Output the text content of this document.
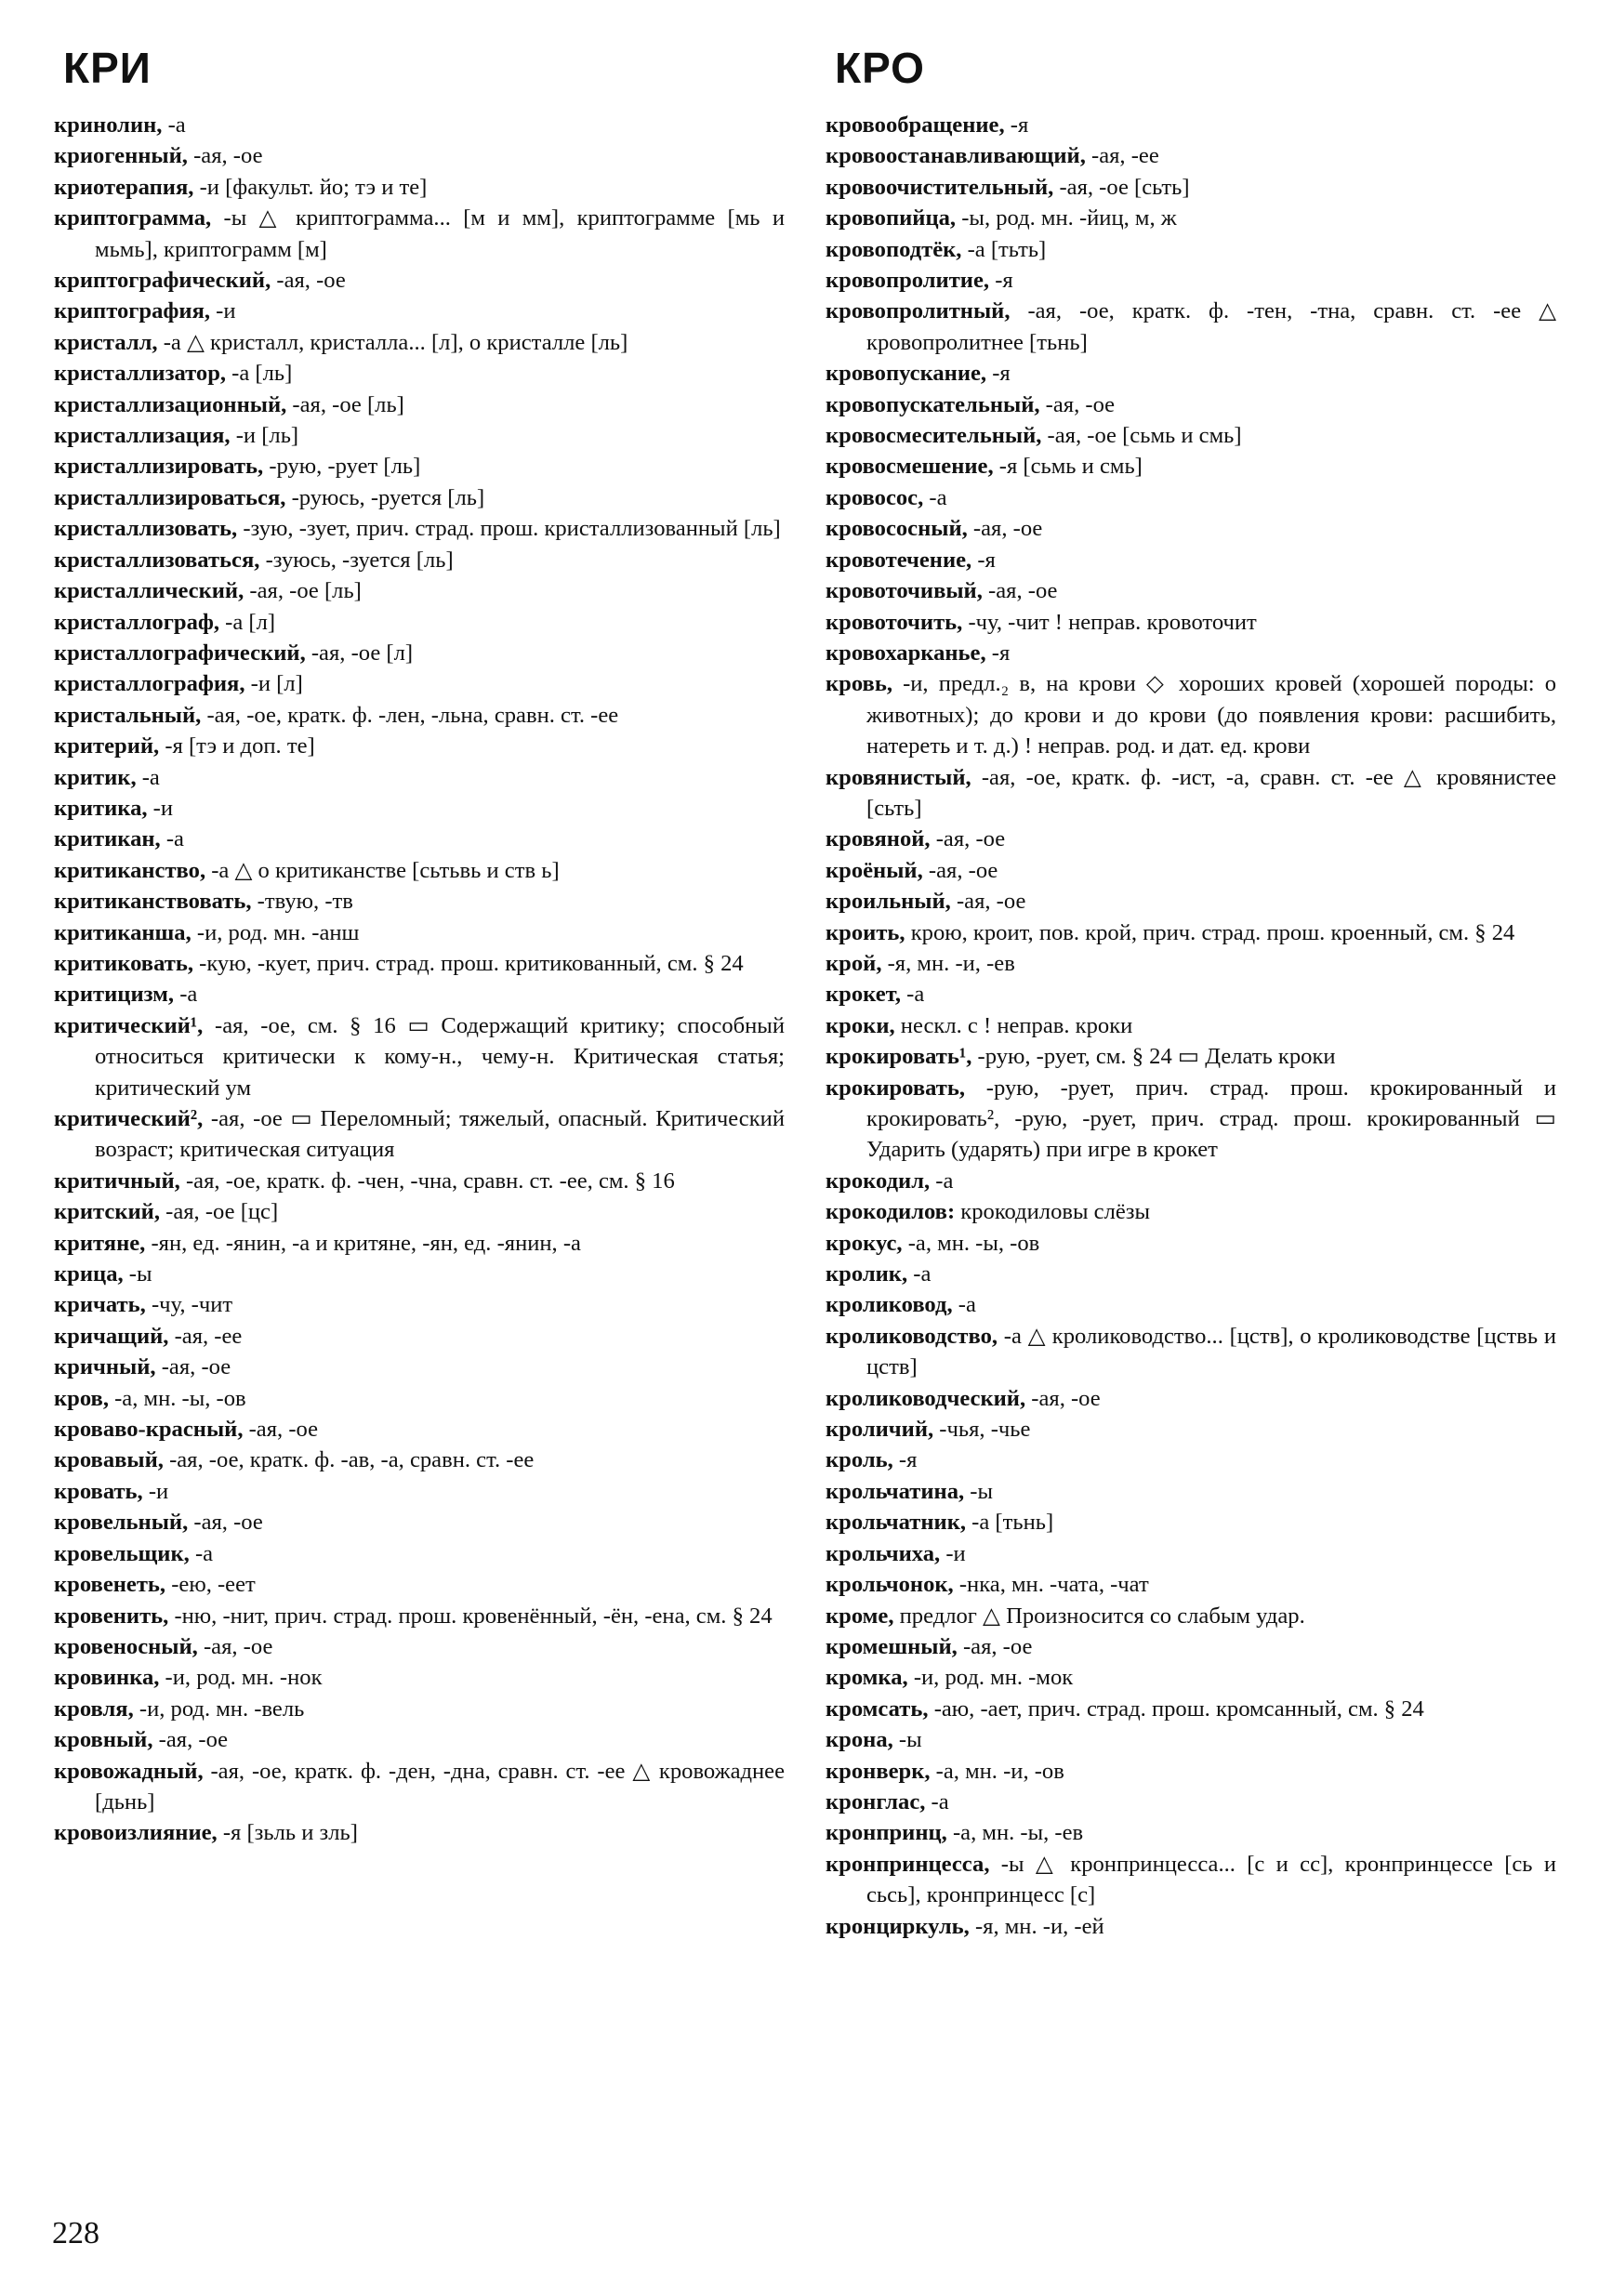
КРИ	КРО

кринолин, -а

криогенный, -ая, -ое

криотерапия, -и [факульт. йо; тэ и тe]

криптограмма, -ы △ криптограмма... [м и мм], криптограмме [мь и мьмь], криптограмм [м]

криптографический, -ая, -ое

криптография, -и

кристалл, -а △ кристалл, кристалла... [л], о кристалле [ль]

кристаллизатор, -а [ль]

кристаллизационный, -ая, -ое [ль]

кристаллизация, -и [ль]

кристаллизировать, -рую, -рует [ль]

кристаллизироваться, -руюсь, -руется [ль]

кристаллизовать, -зую, -зует, прич. страд. прош. кристаллизованный [ль]

кристаллизоваться, -зуюсь, -зуется [ль]

кристаллический, -ая, -ое [ль]

кристаллограф, -а [л]

кристаллографический, -ая, -ое [л]

кристаллография, -и [л]

кристальный, -ая, -ое, кратк. ф. -лен, -льна, сравн. ст. -ее

критерий, -я [тэ и доп. те]

критик, -а

критика, -и

критикан, -а

критиканство, -а △ о критиканстве [сьтьвь и ств ь]

критиканствовать, -твую, -тв

критиканша, -и, род. мн. -анш

критиковать, -кую, -кует, прич. страд. прош. критикованный, см. § 24

критицизм, -а

критический¹, -ая, -ое, см. § 16 ▭ Содержащий критику; способный относиться критически к кому-н., чему-н. Критическая статья; критический ум

критический², -ая, -ое ▭ Переломный; тяжелый, опасный. Критический возраст; критическая ситуация

критичный, -ая, -ое, кратк. ф. -чен, -чна, сравн. ст. -ее, см. § 16

критский, -ая, -ое [цс]

критяне, -ян, ед. -янин, -а и критяне, -ян, ед. -янин, -а

крица, -ы

кричать, -чу, -чит

кричащий, -ая, -ее

кричный, -ая, -ое

кров, -а, мн. -ы, -ов

кроваво-красный, -ая, -ое

кровавый, -ая, -ое, кратк. ф. -ав, -а, сравн. ст. -ее

кровать, -и

кровельный, -ая, -ое

кровельщик, -а

кровенеть, -ею, -еет

кровенить, -ню, -нит, прич. страд. прош. кровенённый, -ён, -ена, см. § 24

кровеносный, -ая, -ое

кровинка, -и, род. мн. -нок

кровля, -и, род. мн. -вель

кровный, -ая, -ое

кровожадный, -ая, -ое, кратк. ф. -ден, -дна, сравн. ст. -ее △ кровожаднее [дьнь]

кровоизлияние, -я [зьль и зль]

кровообращение, -я

кровоостанавливающий, -ая, -ее

кровоочистительный, -ая, -ое [сьть]

кровопийца, -ы, род. мн. -йиц, м, ж

кровоподтёк, -а [тьть]

кровопролитие, -я

кровопролитный, -ая, -ое, кратк. ф. -тен, -тна, сравн. ст. -ее △ кровопролитнее [тьнь]

кровопускание, -я

кровопускательный, -ая, -ое

кровосмесительный, -ая, -ое [сьмь и смь]

кровосмешение, -я [сьмь и смь]

кровосос, -а

кровососный, -ая, -ое

кровотечение, -я

кровоточивый, -ая, -ое

кровоточить, -чу, -чит ! неправ. кровоточит

кровохарканье, -я

кровь, -и, предл.₂ в, на крови ◇ хороших кровей (хорошей породы: о животных); до крови и до крови (до появления крови: расшибить, натереть и т. д.) ! неправ. род. и дат. ед. крови

кровянистый, -ая, -ое, кратк. ф. -ист, -а, сравн. ст. -ее △ кровянистее [сьть]

кровяной, -ая, -ое

кроёный, -ая, -ое

кроильный, -ая, -ое

кроить, крою, кроит, пов. крой, прич. страд. прош. кроенный, см. § 24

крой, -я, мн. -и, -ев

крокет, -а

кроки, нескл. с ! неправ. кроки

крокировать¹, -рую, -рует, см. § 24 ▭ Делать кроки

крокировать, -рую, -рует, прич. страд. прош. крокированный и крокировать², -рую, -рует, прич. страд. прош. крокированный ▭ Ударить (ударять) при игре в крокет

крокодил, -а

крокодилов: крокодиловы слёзы

крокус, -а, мн. -ы, -ов

кролик, -а

кроликовод, -а

кролиководство, -а △ кролиководство... [цств], о кролиководстве [цствь и цств]

кролиководческий, -ая, -ое

кроличий, -чья, -чье

кроль, -я

крольчатина, -ы

крольчатник, -а [тьнь]

крольчиха, -и

крольчонок, -нка, мн. -чата, -чат

кроме, предлог △ Произносится со слабым удар.

кромешный, -ая, -ое

кромка, -и, род. мн. -мок

кромсать, -аю, -ает, прич. страд. прош. кромсанный, см. § 24

крона, -ы

кронверк, -а, мн. -и, -ов

кронглас, -а

кронпринц, -а, мн. -ы, -ев

кронпринцесса, -ы △ кронпринцесса... [с и сс], кронпринцессе [сь и сьсь], кронпринцесс [с]

кронциркуль, -я, мн. -и, -ей

228
